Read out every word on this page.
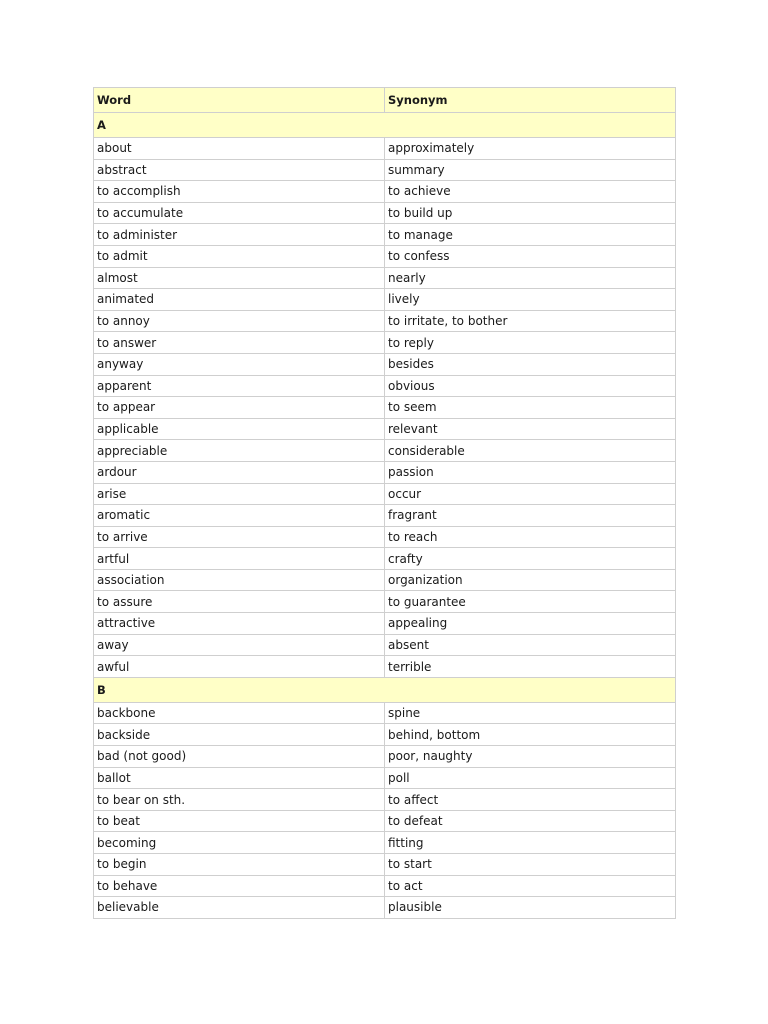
Word	Synonym
A	
about	approximately
abstract	summary
to accomplish	to achieve
to accumulate	to build up
to administer	to manage
to admit	to confess
almost	nearly
animated	lively
to annoy	to irritate, to bother
to answer	to reply
anyway	besides
apparent	obvious
to appear	to seem
applicable	relevant
appreciable	considerable
ardour	passion
arise	occur
aromatic	fragrant
to arrive	to reach
artful	crafty
association	organization
to assure	to guarantee
attractive	appealing
away	absent
awful	terrible
B	
backbone	spine
backside	behind, bottom
bad (not good)	poor, naughty
ballot	poll
to bear on sth.	to affect
to beat	to defeat
becoming	fitting
to begin	to start
to behave	to act
believable	plausible
